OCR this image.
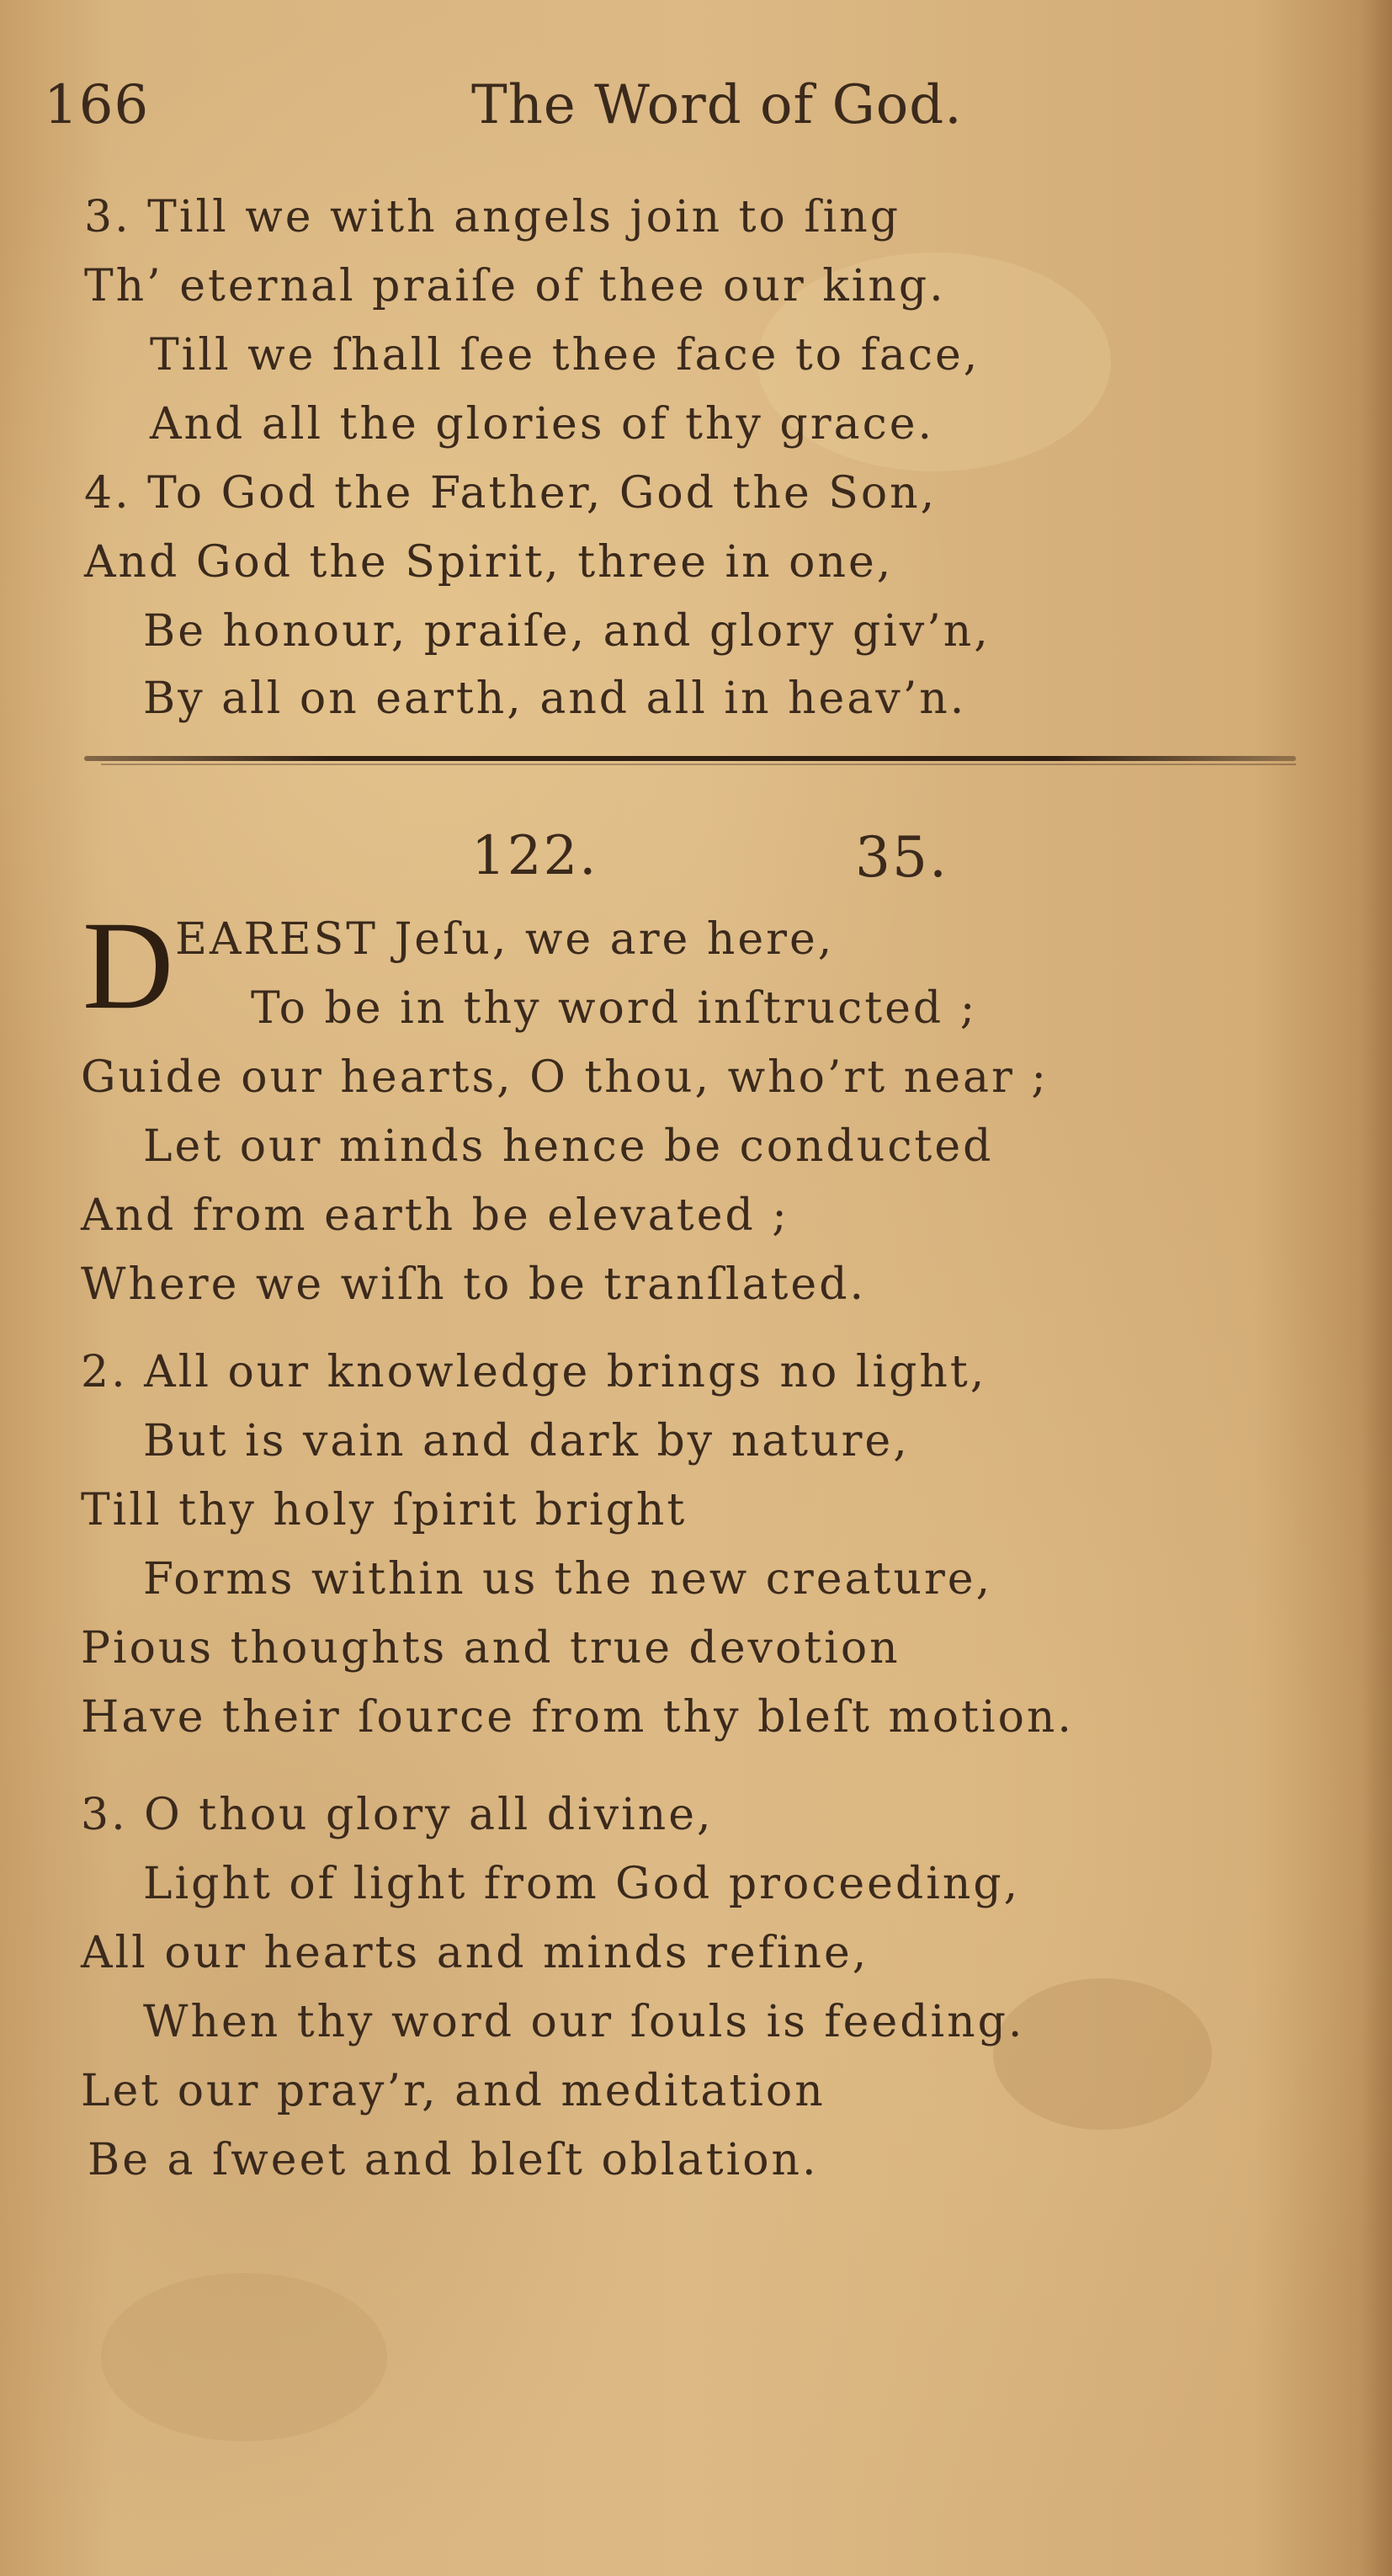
166	The Word of God.
3. Till we with angels join to ſing
Th’ eternal praiſe of thee our king.
Till we ſhall ſee thee face to face,
And all the glories of thy grace.
4. To God the Father, God the Son,
And God the Spirit, three in one,
Be honour, praiſe, and glory giv’n,
By all on earth, and all in heav’n.
122.	35.
D EAREST Jeſu, we are here,
To be in thy word inſtructed ;
Guide our hearts, O thou, who’rt near ;
Let our minds hence be conducted
And from earth be elevated ;
Where we wiſh to be tranſlated.
2. All our knowledge brings no light,
But is vain and dark by nature,
Till thy holy ſpirit bright
Forms within us the new creature,
Pious thoughts and true devotion
Have their ſource from thy bleſt motion.
3. O thou glory all divine,
Light of light from God proceeding,
All our hearts and minds refine,
When thy word our ſouls is feeding.
Let our pray’r, and meditation
Be a ſweet and bleſt oblation.
